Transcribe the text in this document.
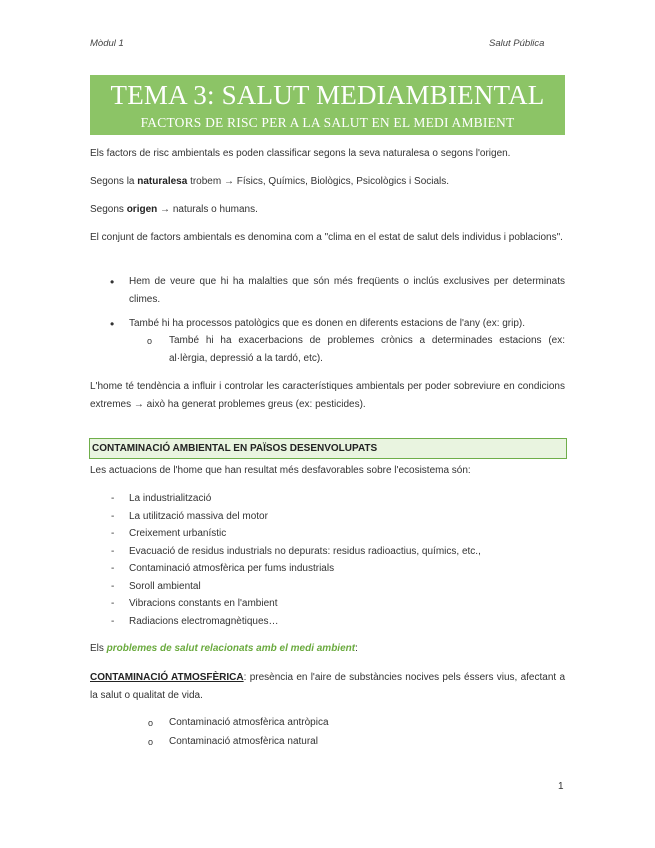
Mòdul 1	Salut Pública
TEMA 3: SALUT MEDIAMBIENTAL
FACTORS DE RISC PER A LA SALUT EN EL MEDI AMBIENT
Els factors de risc ambientals es poden classificar segons la seva naturalesa o segons l'origen.
Segons la naturalesa trobem → Físics, Químics, Biològics, Psicològics i Socials.
Segons origen → naturals o humans.
El conjunt de factors ambientals es denomina com a "clima en el estat de salut dels individus i poblacions".
• Hem de veure que hi ha malalties que són més freqüents o inclús exclusives per determinats climes.
• També hi ha processos patològics que es donen en diferents estacions de l'any (ex: grip).
o També hi ha exacerbacions de problemes crònics a determinades estacions (ex: al·lèrgia, depressió a la tardó, etc).
L'home té tendència a influir i controlar les característiques ambientals per poder sobreviure en condicions extremes → això ha generat problemes greus (ex: pesticides).
CONTAMINACIÓ AMBIENTAL EN PAÏSOS DESENVOLUPATS
Les actuacions de l'home que han resultat més desfavorables sobre l'ecosistema són:
- La industrialització
- La utilització massiva del motor
- Creixement urbanístic
- Evacuació de residus industrials no depurats: residus radioactius, químics, etc.,
- Contaminació atmosfèrica per fums industrials
- Soroll ambiental
- Vibracions constants en l'ambient
- Radiacions electromagnètiques…
Els problemes de salut relacionats amb el medi ambient:
CONTAMINACIÓ ATMOSFÈRICA: presència en l'aire de substàncies nocives pels éssers vius, afectant a la salut o qualitat de vida.
o Contaminació atmosfèrica antròpica
o Contaminació atmosfèrica natural
1
